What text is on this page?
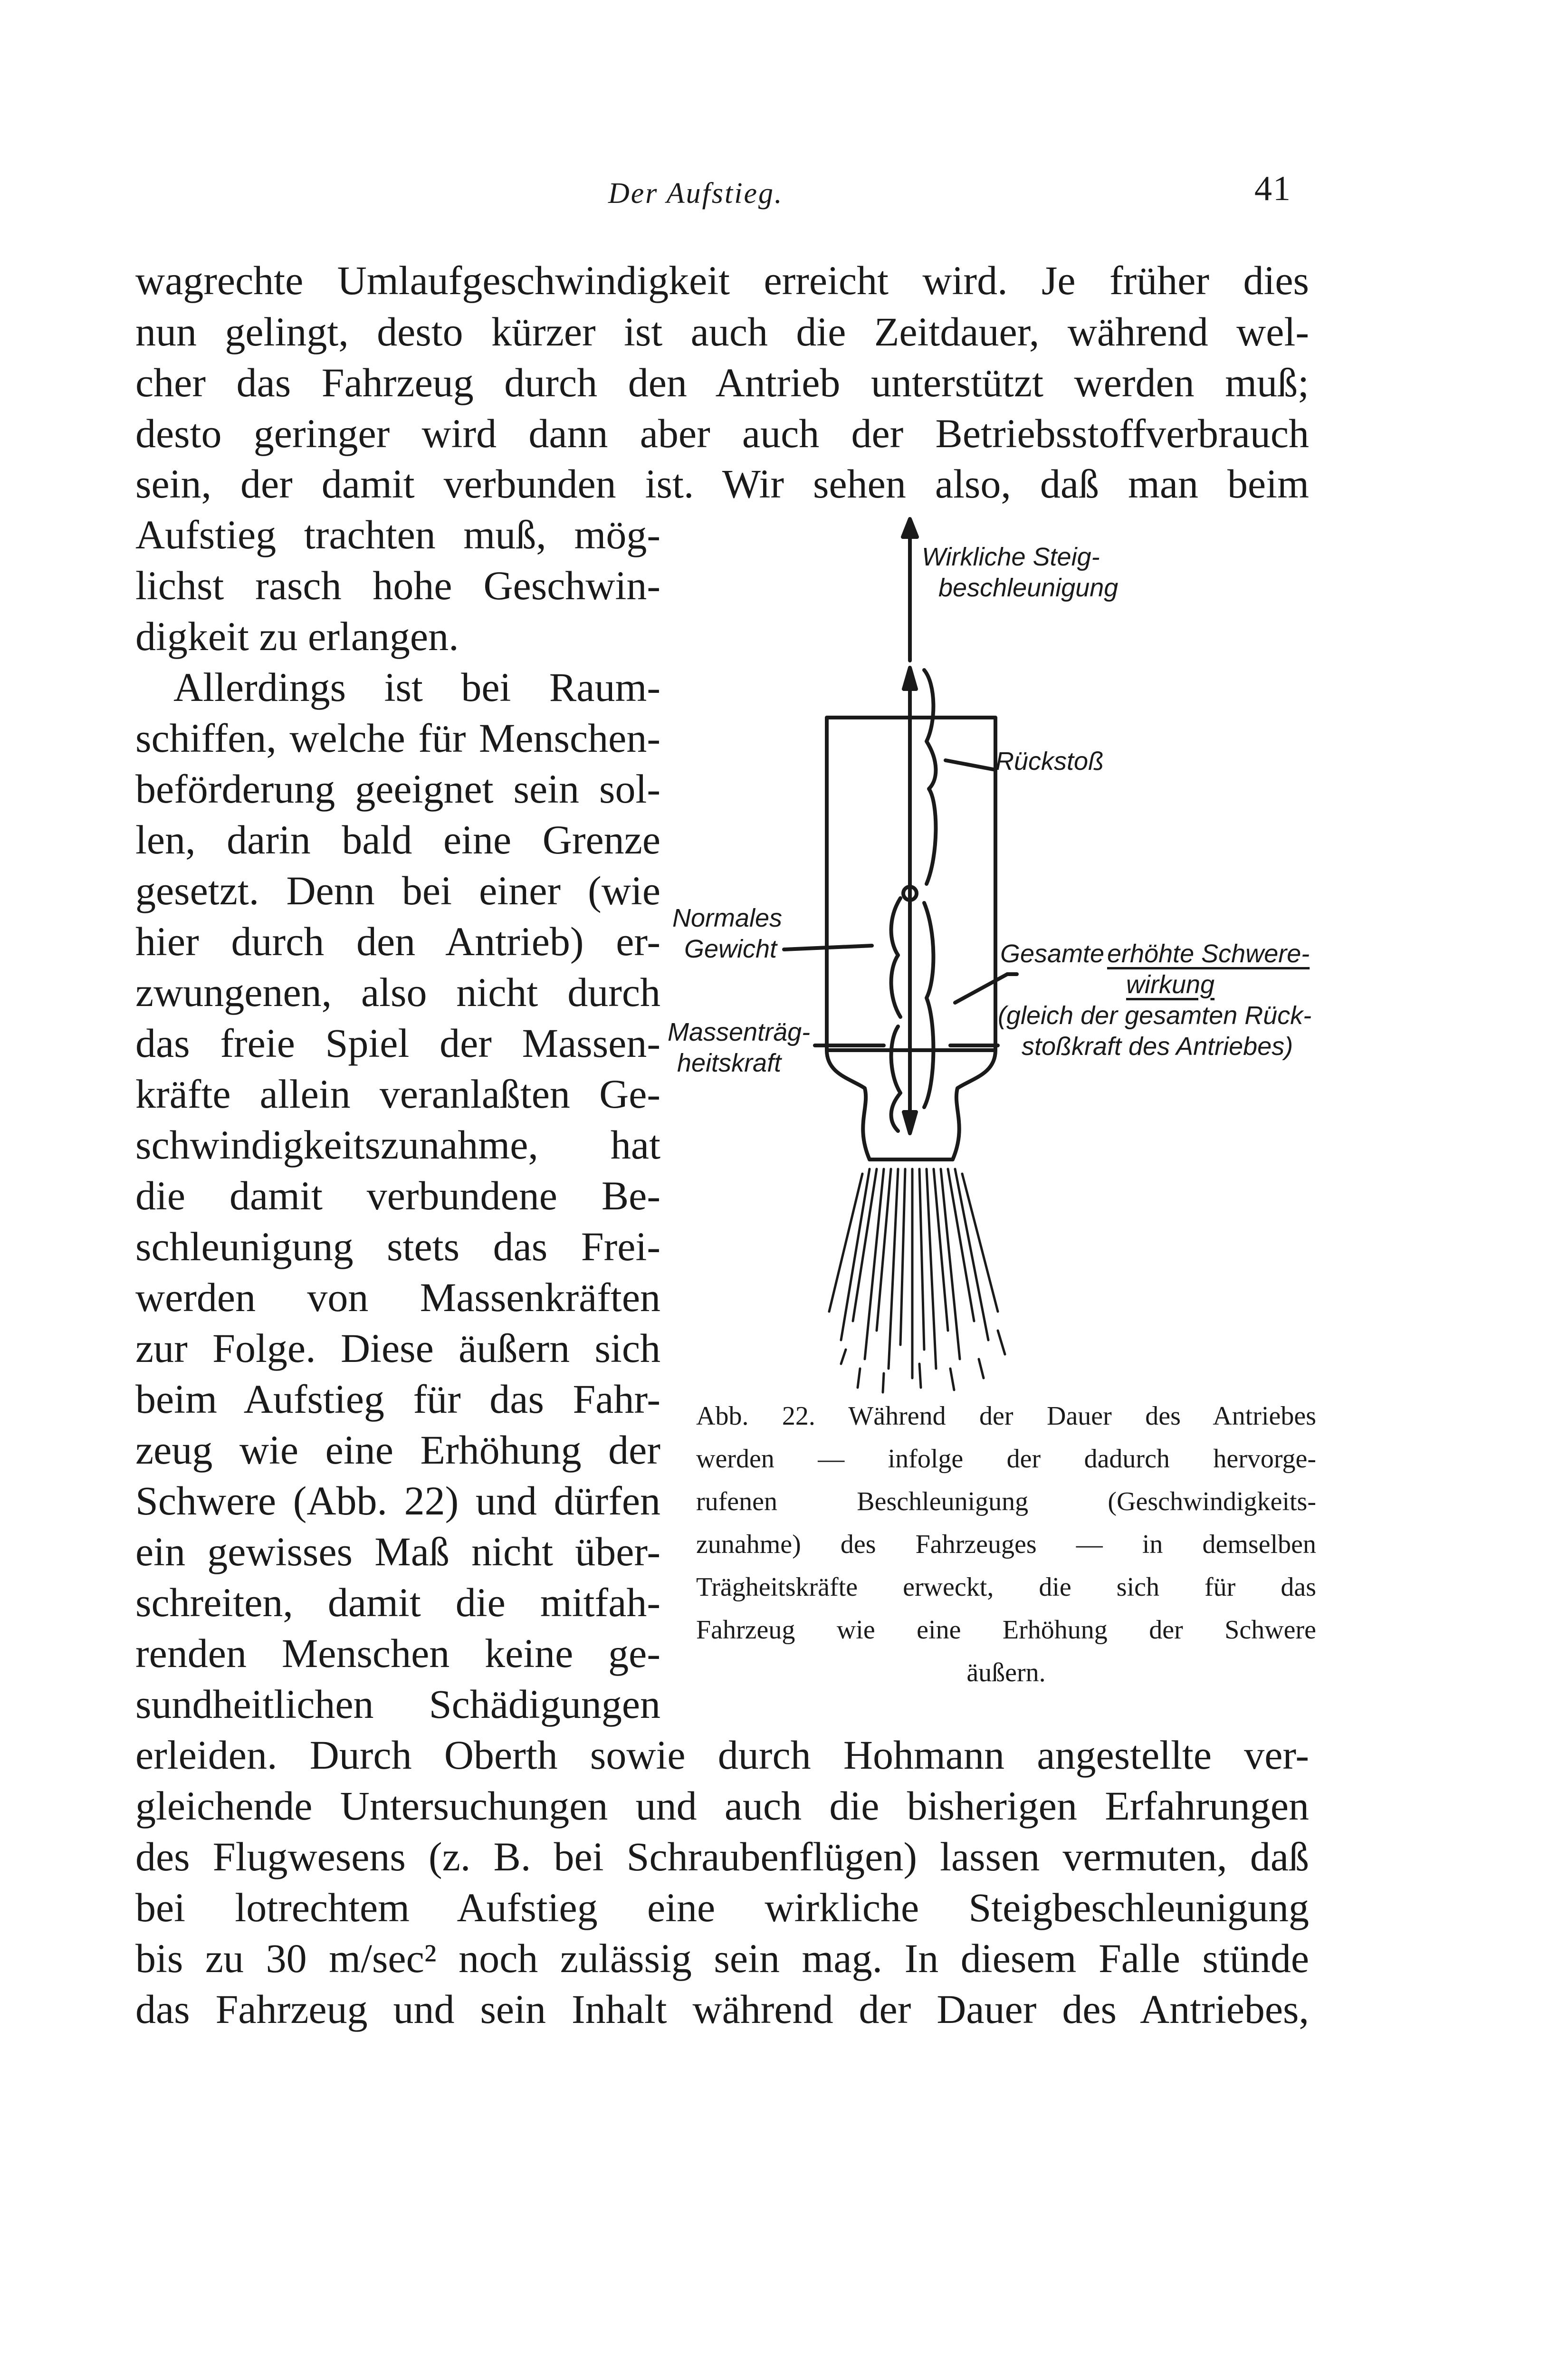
Der Aufstieg.	41
wagrechte Umlaufgeschwindigkeit erreicht wird. Je früher dies
nun gelingt, desto kürzer ist auch die Zeitdauer, während wel-
cher das Fahrzeug durch den Antrieb unterstützt werden muß;
desto geringer wird dann aber auch der Betriebsstoffverbrauch
sein, der damit verbunden ist. Wir sehen also, daß man beim
Aufstieg trachten muß, mög-
lichst rasch hohe Geschwin-
digkeit zu erlangen.
Allerdings ist bei Raum-
schiffen, welche für Menschen-
beförderung geeignet sein sol-
len, darin bald eine Grenze
gesetzt. Denn bei einer (wie
hier durch den Antrieb) er-
zwungenen, also nicht durch
das freie Spiel der Massen-
kräfte allein veranlaßten Ge-
schwindigkeitszunahme, hat
die damit verbundene Be-
schleunigung stets das Frei-
werden von Massenkräften
zur Folge. Diese äußern sich
beim Aufstieg für das Fahr-
zeug wie eine Erhöhung der
Schwere (Abb. 22) und dürfen
ein gewisses Maß nicht über-
schreiten, damit die mitfah-
renden Menschen keine ge-
sundheitlichen Schädigungen
erleiden. Durch Oberth sowie durch Hohmann angestellte ver-
gleichende Untersuchungen und auch die bisherigen Erfahrungen
des Flugwesens (z. B. bei Schraubenflügen) lassen vermuten, daß
bei lotrechtem Aufstieg eine wirkliche Steigbeschleunigung
bis zu 30 m/sec² noch zulässig sein mag. In diesem Falle stünde
das Fahrzeug und sein Inhalt während der Dauer des Antriebes,
Wirkliche Steig-
beschleunigung
Rückstoß
Normales
Gewicht
Massenträg-
heitskraft
Gesamte erhöhte Schwere-
wirkung
(gleich der gesamten Rück-
stoßkraft des Antriebes)
Abb. 22. Während der Dauer des Antriebes
werden — infolge der dadurch hervorge-
rufenen Beschleunigung (Geschwindigkeits-
zunahme) des Fahrzeuges — in demselben
Trägheitskräfte erweckt, die sich für das
Fahrzeug wie eine Erhöhung der Schwere
äußern.
